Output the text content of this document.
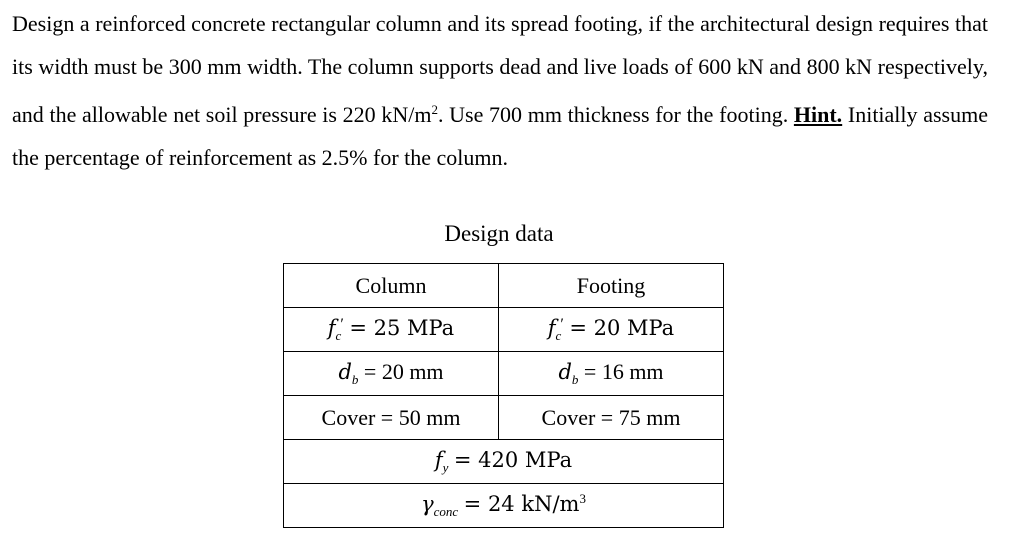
Design a reinforced concrete rectangular column and its spread footing, if the architectural design requires that its width must be 300 mm width. The column supports dead and live loads of 600 kN and 800 kN respectively, and the allowable net soil pressure is 220 $kN/m^2$. Use 700 mm thickness for the footing. Hint. Initially assume the percentage of reinforcement as 2.5% for the column.

Design data

Column	Footing
$f_c' = 25$ MPa	$f_c' = 20$ MPa
$d_b = 20$ mm	$d_b = 16$ mm
Cover = 50 mm	Cover = 75 mm
$f_y = 420$ MPa	
$\gamma_{conc} = 24$ $kN/m^3$
